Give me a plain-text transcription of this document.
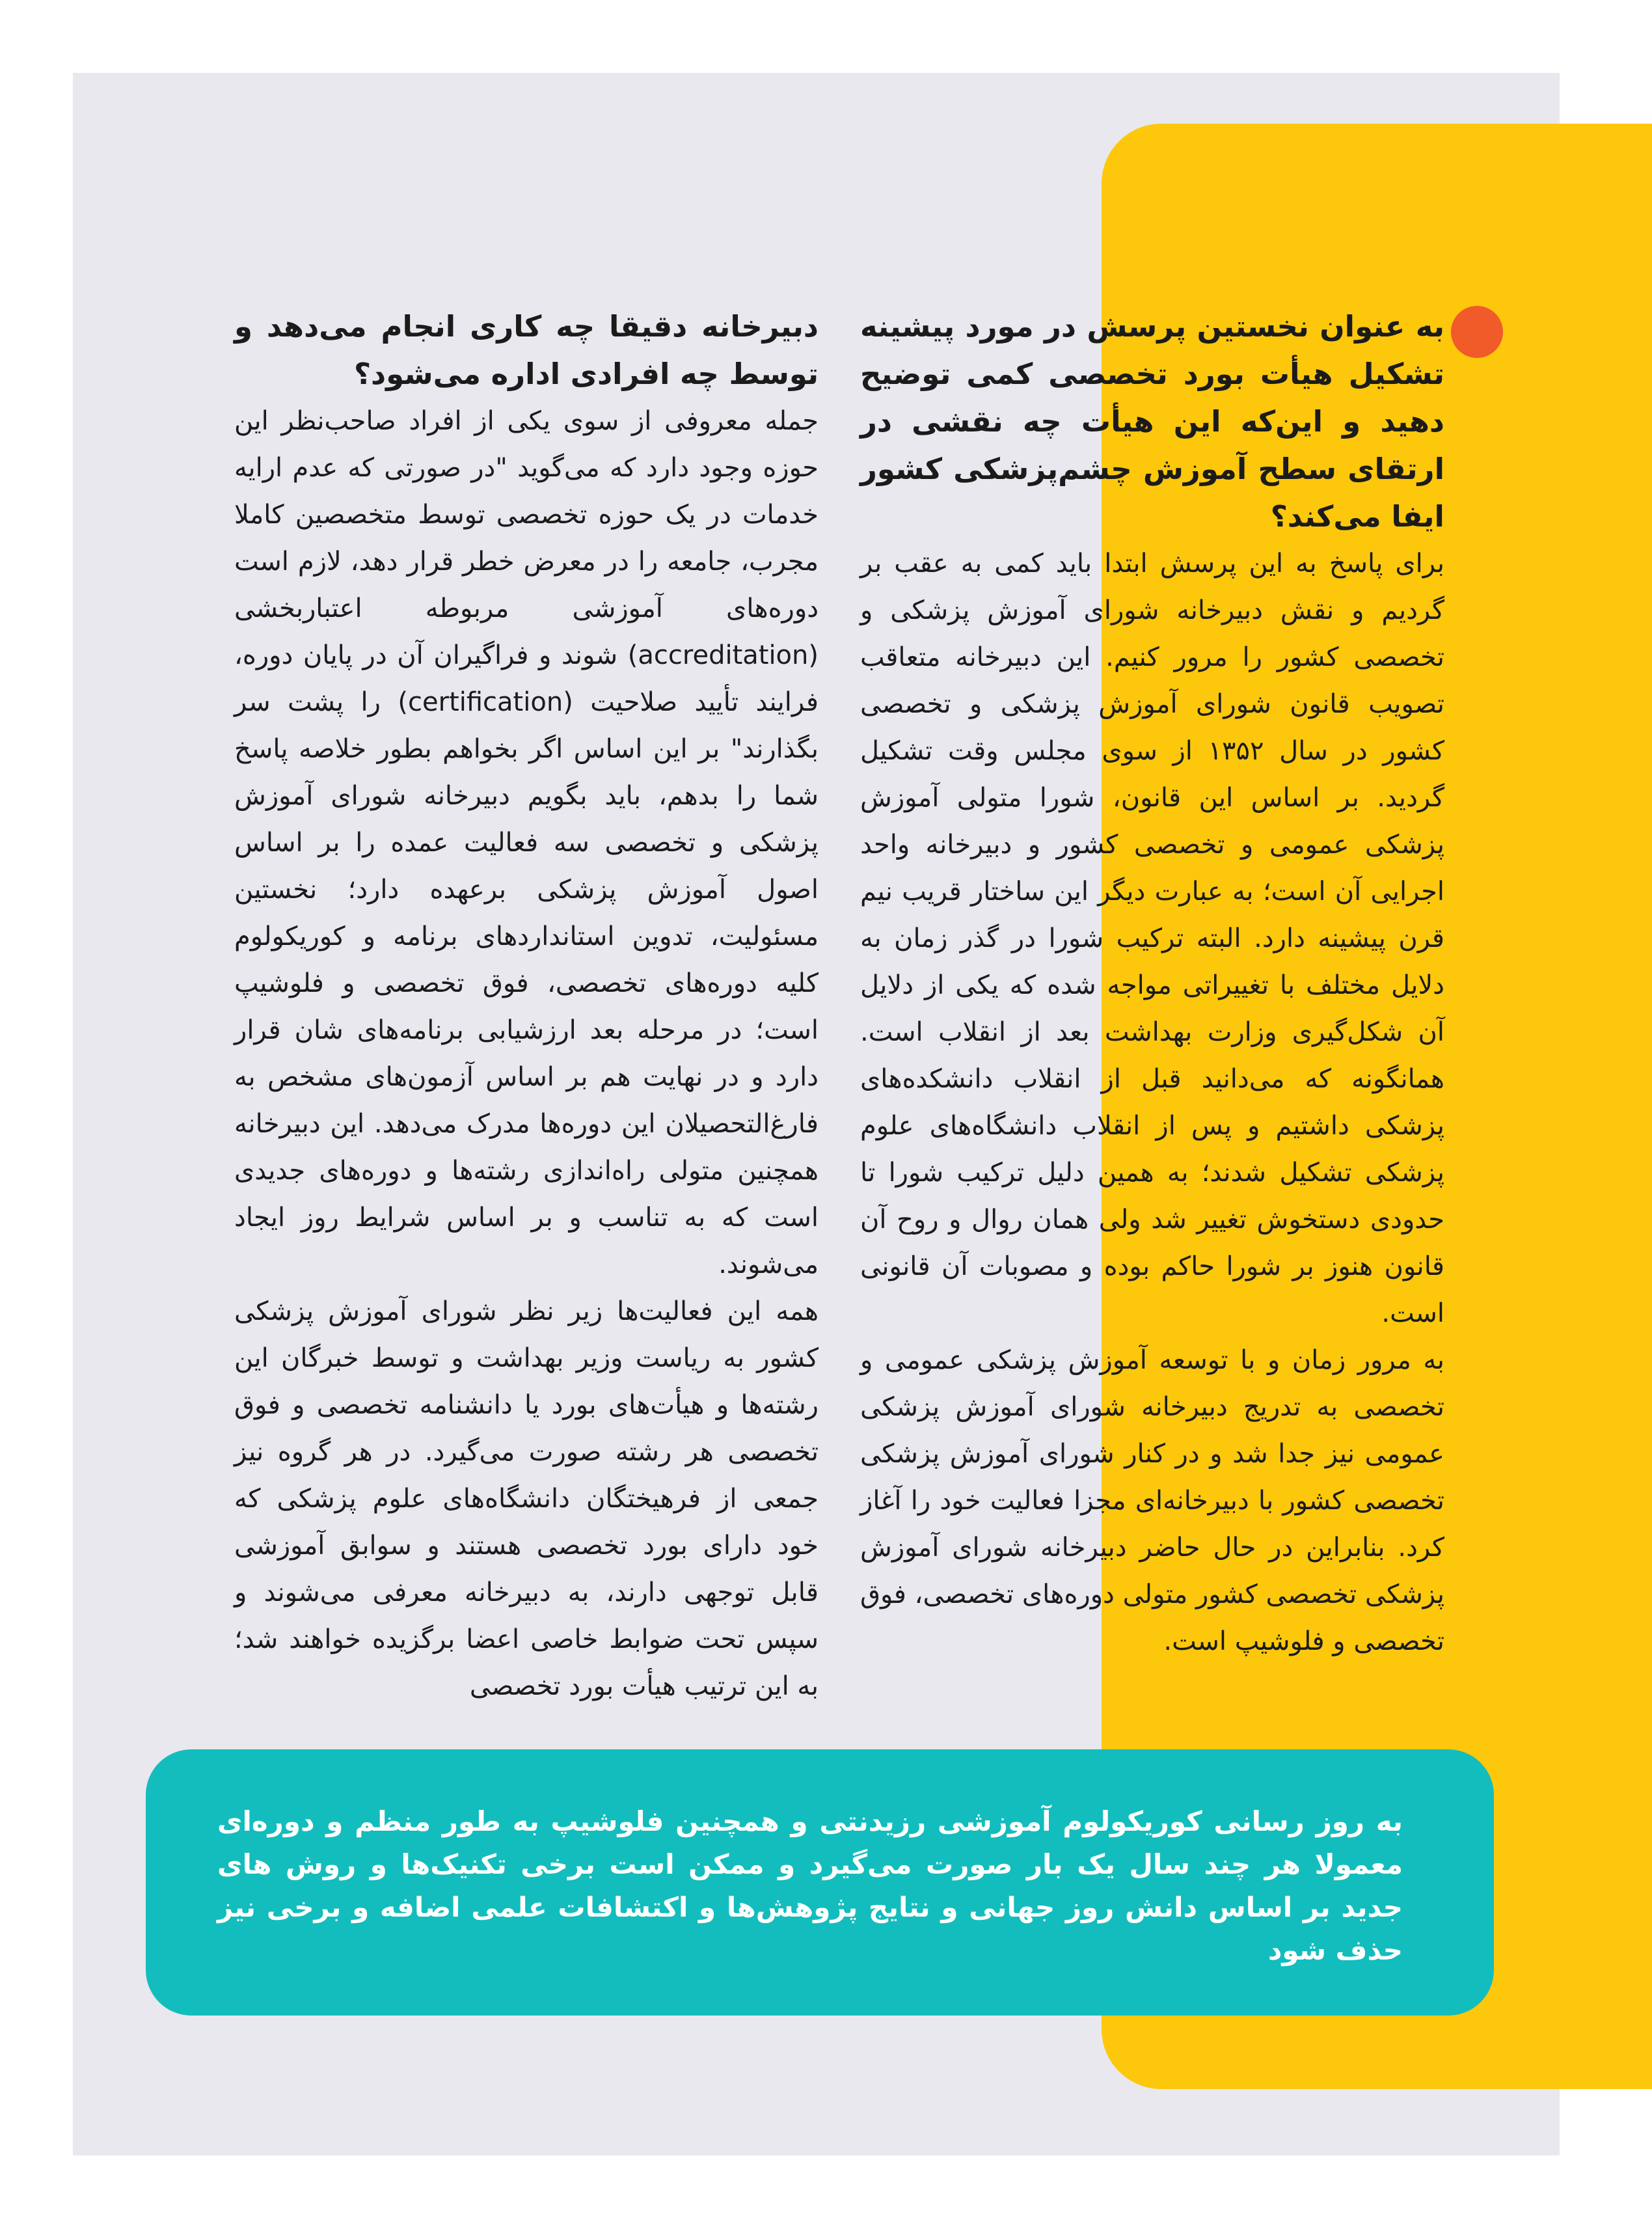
به عنوان نخستین پرسش در مورد پیشینه تشکیل هیأت بورد تخصصی کمی توضیح دهید و این‌که این هیأت چه نقشی در ارتقای سطح آموزش چشم‌پزشکی کشور ایفا می‌کند؟

برای پاسخ به این پرسش ابتدا باید کمی به عقب بر گردیم و نقش دبیرخانه شورای آموزش پزشکی و تخصصی کشور را مرور کنیم. این دبیرخانه متعاقب تصویب قانون شورای آموزش پزشکی و تخصصی کشور در سال ۱۳۵۲ از سوی مجلس وقت تشکیل گردید. بر اساس این قانون، شورا متولی آموزش پزشکی عمومی و تخصصی کشور و دبیرخانه واحد اجرایی آن است؛ به عبارت دیگر این ساختار قریب نیم قرن پیشینه دارد. البته ترکیب شورا در گذر زمان به دلایل مختلف با تغییراتی مواجه شده که یکی از دلایل آن شکل‌گیری وزارت بهداشت بعد از انقلاب است. همانگونه که می‌دانید قبل از انقلاب دانشکده‌های پزشکی داشتیم و پس از انقلاب دانشگاه‌های علوم پزشکی تشکیل شدند؛ به همین دلیل ترکیب شورا تا حدودی دستخوش تغییر شد ولی همان روال و روح آن قانون هنوز بر شورا حاکم بوده و مصوبات آن قانونی است.

به مرور زمان و با توسعه آموزش پزشکی عمومی و تخصصی به تدریج دبیرخانه شورای آموزش پزشکی عمومی نیز جدا شد و در کنار شورای آموزش پزشکی تخصصی کشور با دبیرخانه‌ای مجزا فعالیت خود را آغاز کرد. بنابراین در حال حاضر دبیرخانه شورای آموزش پزشکی تخصصی کشور متولی دوره‌های تخصصی، فوق تخصصی و فلوشیپ است.

دبیرخانه دقیقا چه کاری انجام می‌دهد و توسط چه افرادی اداره می‌شود؟

جمله معروفی از سوی یکی از افراد صاحب‌نظر این حوزه وجود دارد که می‌گوید "در صورتی که عدم ارایه خدمات در یک حوزه تخصصی توسط متخصصین کاملا مجرب، جامعه را در معرض خطر قرار دهد، لازم است دوره‌های آموزشی مربوطه اعتباربخشی (accreditation) شوند و فراگیران آن در پایان دوره، فرایند تأیید صلاحیت (certification) را پشت سر بگذارند" بر این اساس اگر بخواهم بطور خلاصه پاسخ شما را بدهم، باید بگویم دبیرخانه شورای آموزش پزشکی و تخصصی سه فعالیت عمده را بر اساس اصول آموزش پزشکی برعهده دارد؛ نخستین مسئولیت، تدوین استانداردهای برنامه و کوریکولوم کلیه دوره‌های تخصصی، فوق تخصصی و فلوشیپ است؛ در مرحله بعد ارزشیابی برنامه‌های شان قرار دارد و در نهایت هم بر اساس آزمون‌های مشخص به فارغ‌التحصیلان این دوره‌ها مدرک می‌دهد. این دبیرخانه همچنین متولی راه‌اندازی رشته‌ها و دوره‌های جدیدی است که به تناسب و بر اساس شرایط روز ایجاد می‌شوند.

همه این فعالیت‌ها زیر نظر شورای آموزش پزشکی کشور به ریاست وزیر بهداشت و توسط خبرگان این رشته‌ها و هیأت‌های بورد یا دانشنامه تخصصی و فوق تخصصی هر رشته صورت می‌گیرد. در هر گروه نیز جمعی از فرهیختگان دانشگاه‌های علوم پزشکی که خود دارای بورد تخصصی هستند و سوابق آموزشی قابل توجهی دارند، به دبیرخانه معرفی می‌شوند و سپس تحت ضوابط خاصی اعضا برگزیده خواهند شد؛ به این ترتیب هیأت بورد تخصصی

به روز رسانی کوریکولوم آموزشی رزیدنتی و همچنین فلوشیپ به طور منظم و دوره‌ای معمولا هر چند سال یک بار صورت می‌گیرد و ممکن است برخی تکنیک‌ها و روش های جدید بر اساس دانش روز جهانی و نتایج پژوهش‌ها و اکتشافات علمی اضافه و برخی نیز حذف شود
